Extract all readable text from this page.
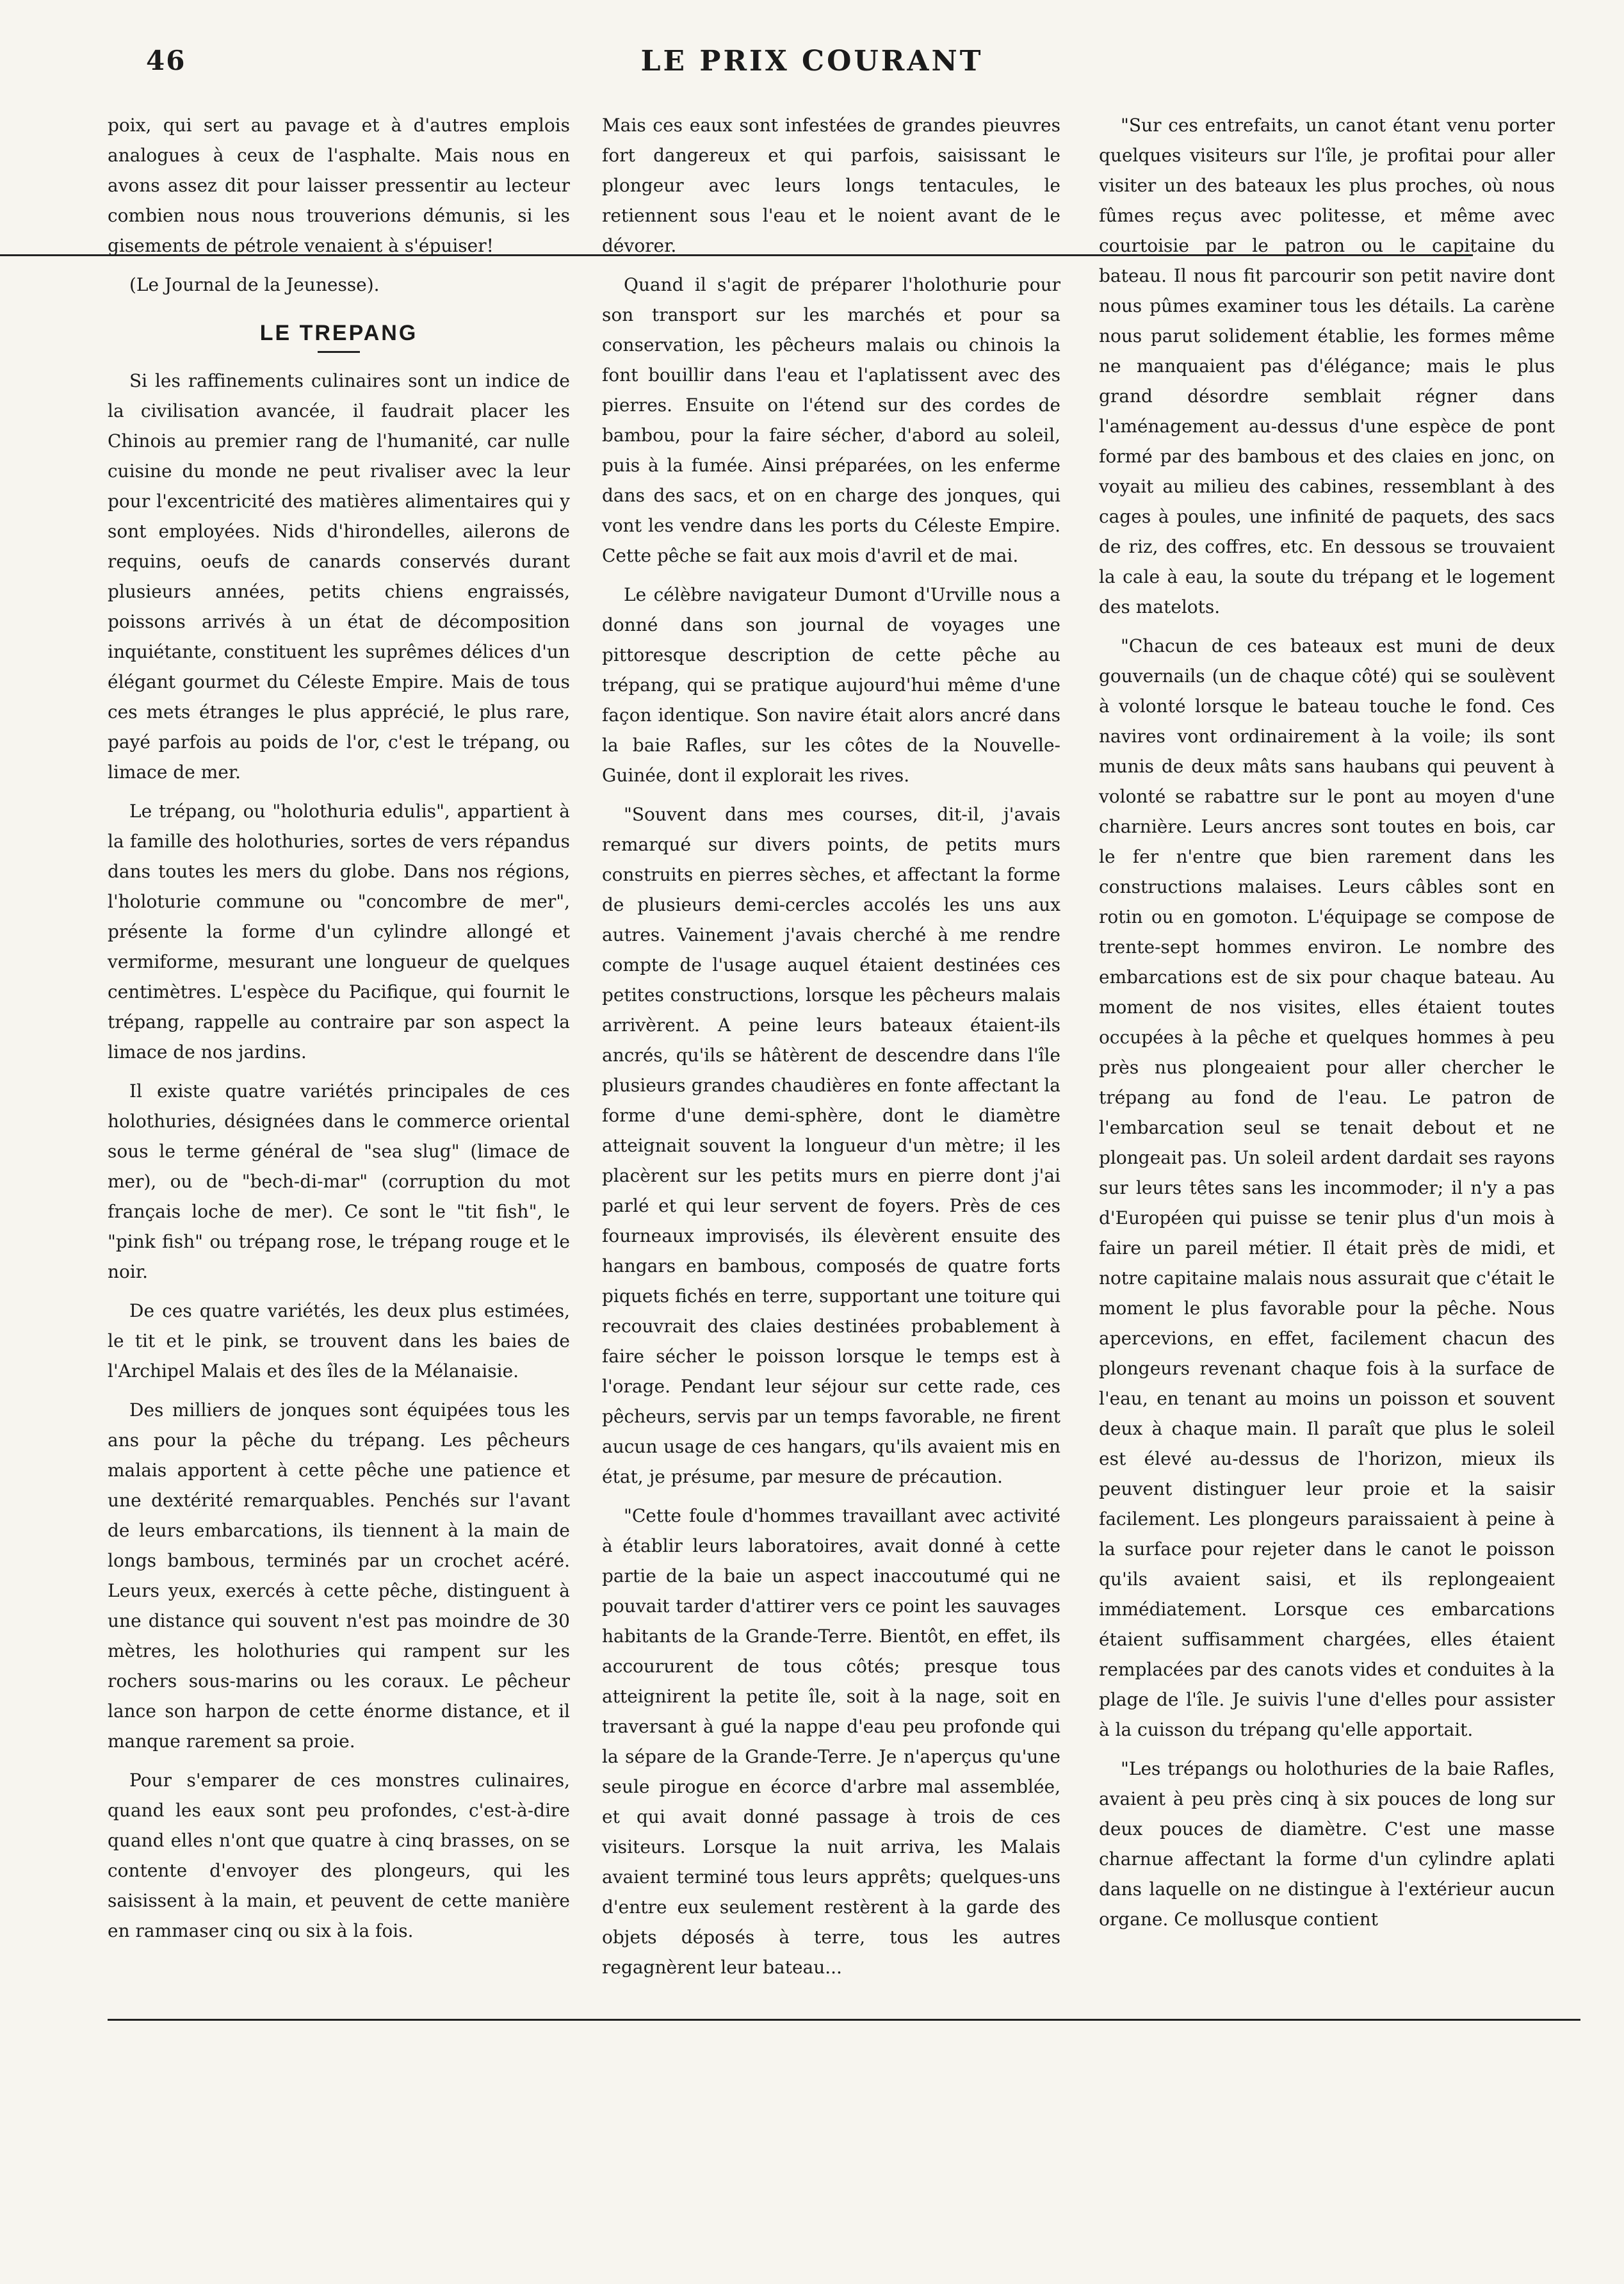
46	LE PRIX COURANT

poix, qui sert au pavage et à d'autres emplois analogues à ceux de l'asphalte. Mais nous en avons assez dit pour laisser pressentir au lecteur combien nous nous trouverions démunis, si les gisements de pétrole venaient à s'épuiser!

(Le Journal de la Jeunesse).

LE TREPANG

Si les raffinements culinaires sont un indice de la civilisation avancée, il faudrait placer les Chinois au premier rang de l'humanité, car nulle cuisine du monde ne peut rivaliser avec la leur pour l'excentricité des matières alimentaires qui y sont employées. Nids d'hirondelles, ailerons de requins, oeufs de canards conservés durant plusieurs années, petits chiens engraissés, poissons arrivés à un état de décomposition inquiétante, constituent les suprêmes délices d'un élégant gourmet du Céleste Empire. Mais de tous ces mets étranges le plus apprécié, le plus rare, payé parfois au poids de l'or, c'est le trépang, ou limace de mer.

Le trépang, ou "holothuria edulis", appartient à la famille des holothuries, sortes de vers répandus dans toutes les mers du globe. Dans nos régions, l'holoturie commune ou "concombre de mer", présente la forme d'un cylindre allongé et vermiforme, mesurant une longueur de quelques centimètres. L'espèce du Pacifique, qui fournit le trépang, rappelle au contraire par son aspect la limace de nos jardins.

Il existe quatre variétés principales de ces holothuries, désignées dans le commerce oriental sous le terme général de "sea slug" (limace de mer), ou de "bech-di-mar" (corruption du mot français loche de mer). Ce sont le "tit fish", le "pink fish" ou trépang rose, le trépang rouge et le noir.

De ces quatre variétés, les deux plus estimées, le tit et le pink, se trouvent dans les baies de l'Archipel Malais et des îles de la Mélanaisie.

Des milliers de jonques sont équipées tous les ans pour la pêche du trépang. Les pêcheurs malais apportent à cette pêche une patience et une dextérité remarquables. Penchés sur l'avant de leurs embarcations, ils tiennent à la main de longs bambous, terminés par un crochet acéré. Leurs yeux, exercés à cette pêche, distinguent à une distance qui souvent n'est pas moindre de 30 mètres, les holothuries qui rampent sur les rochers sous-marins ou les coraux. Le pêcheur lance son harpon de cette énorme distance, et il manque rarement sa proie.

Pour s'emparer de ces monstres culinaires, quand les eaux sont peu profondes, c'est-à-dire quand elles n'ont que quatre à cinq brasses, on se contente d'envoyer des plongeurs, qui les saisissent à la main, et peuvent de cette manière en rammaser cinq ou six à la fois.

Mais ces eaux sont infestées de grandes pieuvres fort dangereux et qui parfois, saisissant le plongeur avec leurs longs tentacules, le retiennent sous l'eau et le noient avant de le dévorer.

Quand il s'agit de préparer l'holothurie pour son transport sur les marchés et pour sa conservation, les pêcheurs malais ou chinois la font bouillir dans l'eau et l'aplatissent avec des pierres. Ensuite on l'étend sur des cordes de bambou, pour la faire sécher, d'abord au soleil, puis à la fumée. Ainsi préparées, on les enferme dans des sacs, et on en charge des jonques, qui vont les vendre dans les ports du Céleste Empire. Cette pêche se fait aux mois d'avril et de mai.

Le célèbre navigateur Dumont d'Urville nous a donné dans son journal de voyages une pittoresque description de cette pêche au trépang, qui se pratique aujourd'hui même d'une façon identique. Son navire était alors ancré dans la baie Rafles, sur les côtes de la Nouvelle-Guinée, dont il explorait les rives.

"Souvent dans mes courses, dit-il, j'avais remarqué sur divers points, de petits murs construits en pierres sèches, et affectant la forme de plusieurs demi-cercles accolés les uns aux autres. Vainement j'avais cherché à me rendre compte de l'usage auquel étaient destinées ces petites constructions, lorsque les pêcheurs malais arrivèrent. A peine leurs bateaux étaient-ils ancrés, qu'ils se hâtèrent de descendre dans l'île plusieurs grandes chaudières en fonte affectant la forme d'une demi-sphère, dont le diamètre atteignait souvent la longueur d'un mètre; il les placèrent sur les petits murs en pierre dont j'ai parlé et qui leur servent de foyers. Près de ces fourneaux improvisés, ils élevèrent ensuite des hangars en bambous, composés de quatre forts piquets fichés en terre, supportant une toiture qui recouvrait des claies destinées probablement à faire sécher le poisson lorsque le temps est à l'orage. Pendant leur séjour sur cette rade, ces pêcheurs, servis par un temps favorable, ne firent aucun usage de ces hangars, qu'ils avaient mis en état, je présume, par mesure de précaution.

"Cette foule d'hommes travaillant avec activité à établir leurs laboratoires, avait donné à cette partie de la baie un aspect inaccoutumé qui ne pouvait tarder d'attirer vers ce point les sauvages habitants de la Grande-Terre. Bientôt, en effet, ils accoururent de tous côtés; presque tous atteignirent la petite île, soit à la nage, soit en traversant à gué la nappe d'eau peu profonde qui la sépare de la Grande-Terre. Je n'aperçus qu'une seule pirogue en écorce d'arbre mal assemblée, et qui avait donné passage à trois de ces visiteurs. Lorsque la nuit arriva, les Malais avaient terminé tous leurs apprêts; quelques-uns d'entre eux seulement restèrent à la garde des objets déposés à terre, tous les autres regagnèrent leur bateau...

"Sur ces entrefaits, un canot étant venu porter quelques visiteurs sur l'île, je profitai pour aller visiter un des bateaux les plus proches, où nous fûmes reçus avec politesse, et même avec courtoisie par le patron ou le capitaine du bateau. Il nous fit parcourir son petit navire dont nous pûmes examiner tous les détails. La carène nous parut solidement établie, les formes même ne manquaient pas d'élégance; mais le plus grand désordre semblait régner dans l'aménagement au-dessus d'une espèce de pont formé par des bambous et des claies en jonc, on voyait au milieu des cabines, ressemblant à des cages à poules, une infinité de paquets, des sacs de riz, des coffres, etc. En dessous se trouvaient la cale à eau, la soute du trépang et le logement des matelots.

"Chacun de ces bateaux est muni de deux gouvernails (un de chaque côté) qui se soulèvent à volonté lorsque le bateau touche le fond. Ces navires vont ordinairement à la voile; ils sont munis de deux mâts sans haubans qui peuvent à volonté se rabattre sur le pont au moyen d'une charnière. Leurs ancres sont toutes en bois, car le fer n'entre que bien rarement dans les constructions malaises. Leurs câbles sont en rotin ou en gomoton. L'équipage se compose de trente-sept hommes environ. Le nombre des embarcations est de six pour chaque bateau. Au moment de nos visites, elles étaient toutes occupées à la pêche et quelques hommes à peu près nus plongeaient pour aller chercher le trépang au fond de l'eau. Le patron de l'embarcation seul se tenait debout et ne plongeait pas. Un soleil ardent dardait ses rayons sur leurs têtes sans les incommoder; il n'y a pas d'Européen qui puisse se tenir plus d'un mois à faire un pareil métier. Il était près de midi, et notre capitaine malais nous assurait que c'était le moment le plus favorable pour la pêche. Nous apercevions, en effet, facilement chacun des plongeurs revenant chaque fois à la surface de l'eau, en tenant au moins un poisson et souvent deux à chaque main. Il paraît que plus le soleil est élevé au-dessus de l'horizon, mieux ils peuvent distinguer leur proie et la saisir facilement. Les plongeurs paraissaient à peine à la surface pour rejeter dans le canot le poisson qu'ils avaient saisi, et ils replongeaient immédiatement. Lorsque ces embarcations étaient suffisamment chargées, elles étaient remplacées par des canots vides et conduites à la plage de l'île. Je suivis l'une d'elles pour assister à la cuisson du trépang qu'elle apportait.

"Les trépangs ou holothuries de la baie Rafles, avaient à peu près cinq à six pouces de long sur deux pouces de diamètre. C'est une masse charnue affectant la forme d'un cylindre aplati dans laquelle on ne distingue à l'extérieur aucun organe. Ce mollusque contient
